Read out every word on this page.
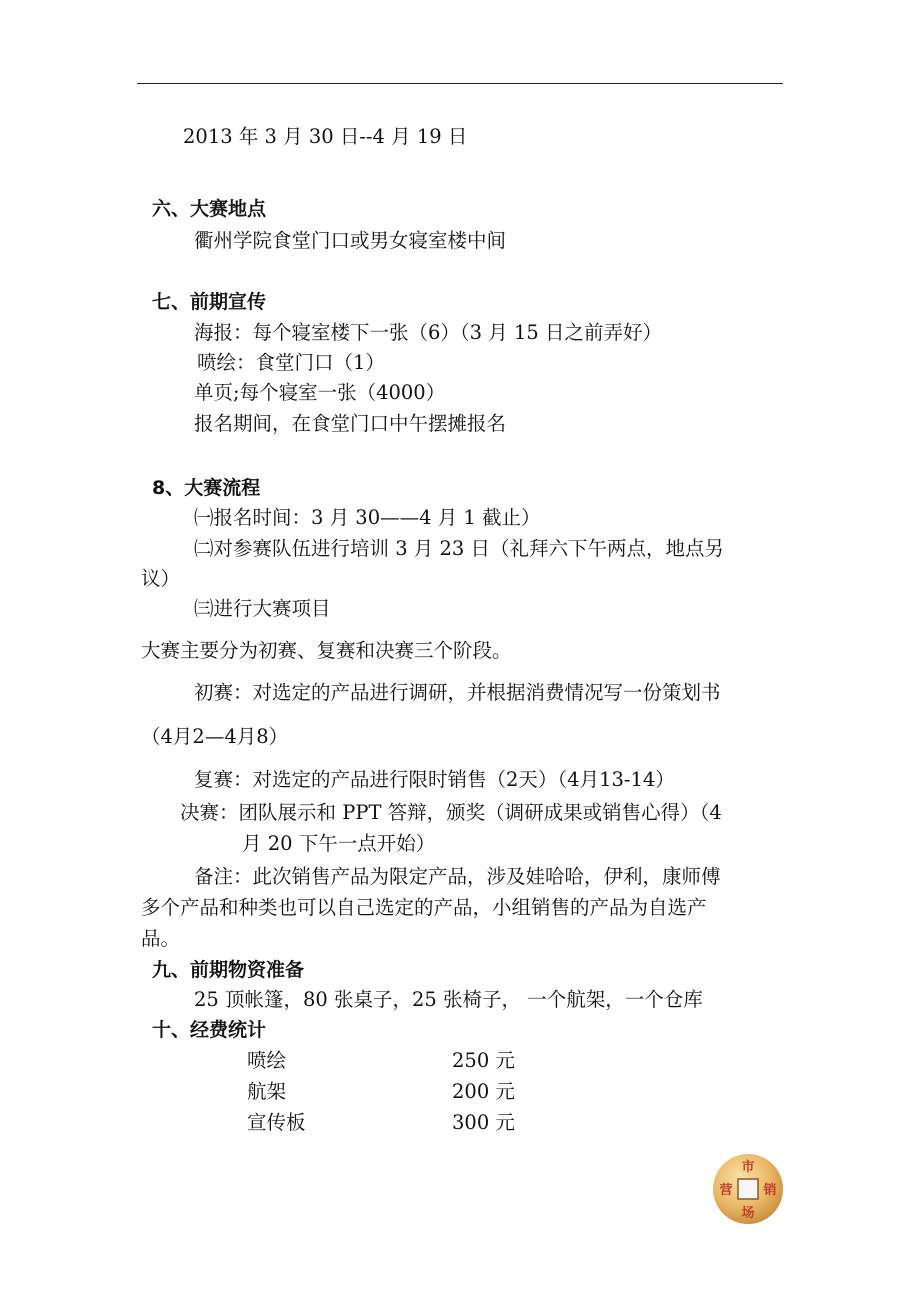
2013 年 3 月 30 日--4 月 19 日
六、大赛地点
衢州学院食堂门口或男女寝室楼中间
七、前期宣传
海报：每个寝室楼下一张（6）（3 月 15 日之前弄好）
喷绘：食堂门口（1）
单页;每个寝室一张（4000）
报名期间，在食堂门口中午摆摊报名
8、大赛流程
㈠报名时间：3 月 30——4 月 1 截止）
㈡对参赛队伍进行培训 3 月 23 日（礼拜六下午两点，地点另
议）
㈢进行大赛项目
大赛主要分为初赛、复赛和决赛三个阶段。
初赛：对选定的产品进行调研，并根据消费情况写一份策划书
（4月2—4月8）
复赛：对选定的产品进行限时销售（2天）（4月13-14）
决赛：团队展示和 PPT 答辩，颁奖（调研成果或销售心得）（4
月 20 下午一点开始）
备注：此次销售产品为限定产品，涉及娃哈哈，伊利，康师傅
多个产品和种类也可以自己选定的产品，小组销售的产品为自选产
品。
九、前期物资准备
25 顶帐篷，80 张桌子，25 张椅子， 一个航架，一个仓库
十、经费统计
喷绘	250 元
航架	200 元
宣传板	300 元
市
销
场
营
